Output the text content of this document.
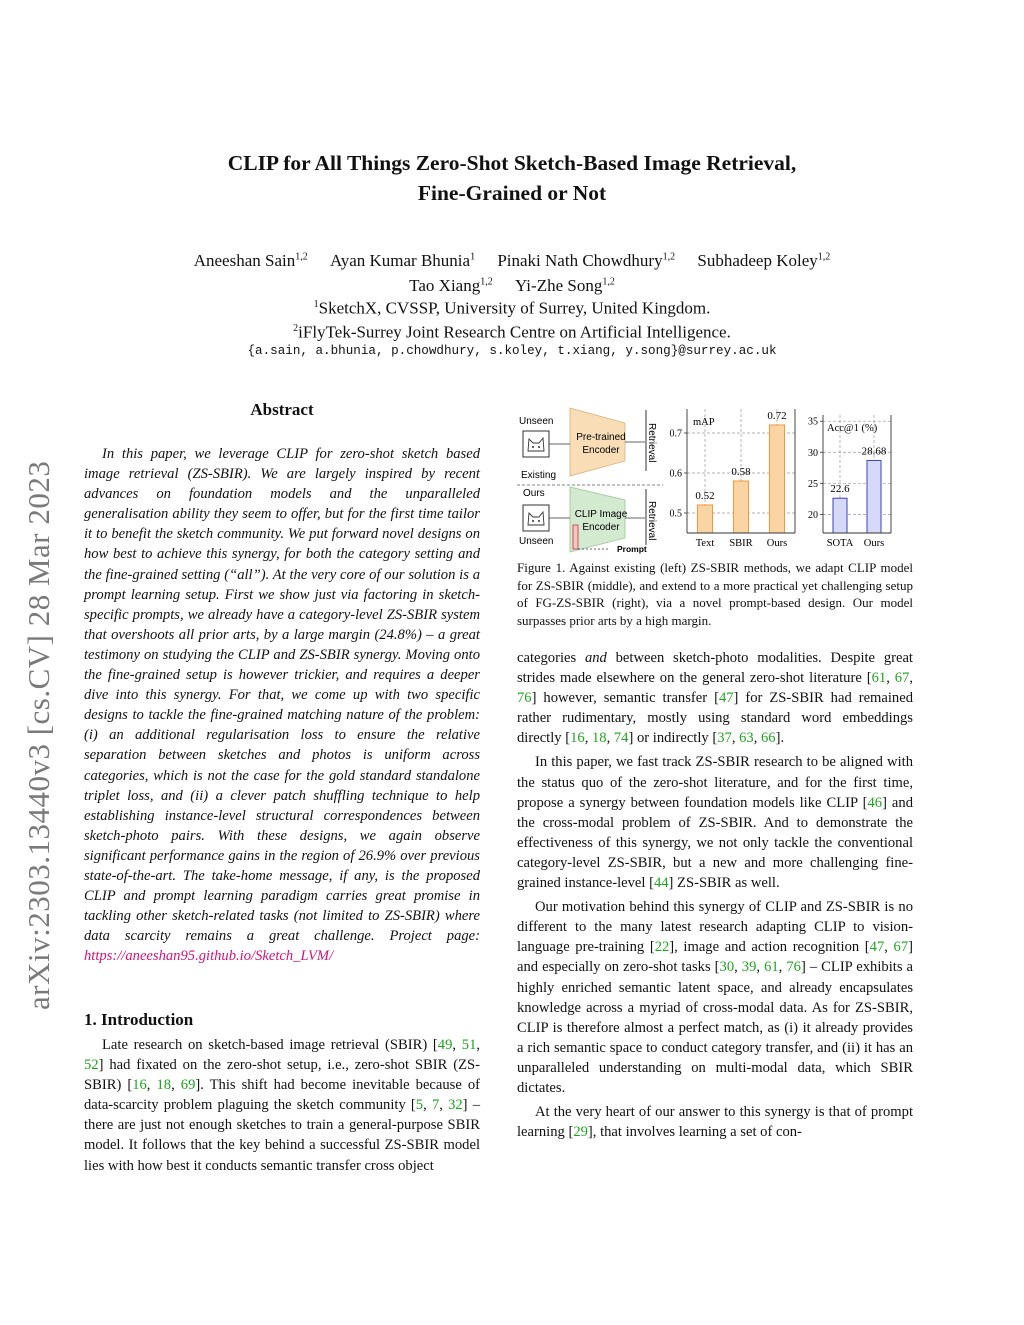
arXiv:2303.13440v3 [cs.CV] 28 Mar 2023
CLIP for All Things Zero-Shot Sketch-Based Image Retrieval,
Fine-Grained or Not
Aneeshan Sain$^{1,2}$ Ayan Kumar Bhunia$^1$ Pinaki Nath Chowdhury$^{1,2}$ Subhadeep Koley$^{1,2}$
Tao Xiang$^{1,2}$ Yi-Zhe Song$^{1,2}$
$^1$SketchX, CVSSP, University of Surrey, United Kingdom.
$^2$iFlyTek-Surrey Joint Research Centre on Artificial Intelligence.
{a.sain, a.bhunia, p.chowdhury, s.koley, t.xiang, y.song}@surrey.ac.uk
Abstract

In this paper, we leverage CLIP for zero-shot sketch based image retrieval (ZS-SBIR). We are largely inspired by recent advances on foundation models and the unparalleled generalisation ability they seem to offer, but for the first time tailor it to benefit the sketch community. We put forward novel designs on how best to achieve this synergy, for both the category setting and the fine-grained setting (“all”). At the very core of our solution is a prompt learning setup. First we show just via factoring in sketch-specific prompts, we already have a category-level ZS-SBIR system that overshoots all prior arts, by a large margin (24.8%) – a great testimony on studying the CLIP and ZS-SBIR synergy. Moving onto the fine-grained setup is however trickier, and requires a deeper dive into this synergy. For that, we come up with two specific designs to tackle the fine-grained matching nature of the problem: (i) an additional regularisation loss to ensure the relative separation between sketches and photos is uniform across categories, which is not the case for the gold standard standalone triplet loss, and (ii) a clever patch shuffling technique to help establishing instance-level structural correspondences between sketch-photo pairs. With these designs, we again observe significant performance gains in the region of 26.9% over previous state-of-the-art. The take-home message, if any, is the proposed CLIP and prompt learning paradigm carries great promise in tackling other sketch-related tasks (not limited to ZS-SBIR) where data scarcity remains a great challenge. Project page: https://aneeshan95.github.io/Sketch_LVM/

1. Introduction

Late research on sketch-based image retrieval (SBIR) [49, 51, 52] had fixated on the zero-shot setup, i.e., zero-shot SBIR (ZS-SBIR) [16, 18, 69]. This shift had become inevitable because of data-scarcity problem plaguing the sketch community [5, 7, 32] – there are just not enough sketches to train a general-purpose SBIR model. It follows that the key behind a successful ZS-SBIR model lies with how best it conducts semantic transfer cross object

Unseen
Pre-trained
Encoder	Retrieval
Existing
Ours
CLIP Image
Encoder
Prompt
Retrieval
Unseen
0.5
0.6
0.7
0.52
Text
0.58
SBIR
0.72
Ours
mAP
20
25
30
35
22.6
SOTA
28.68
Ours
Acc@1 (%)
Figure 1. Against existing (left) ZS-SBIR methods, we adapt CLIP model for ZS-SBIR (middle), and extend to a more practical yet challenging setup of FG-ZS-SBIR (right), via a novel prompt-based design. Our model surpasses prior arts by a high margin.

categories and between sketch-photo modalities. Despite great strides made elsewhere on the general zero-shot literature [61, 67, 76] however, semantic transfer [47] for ZS-SBIR had remained rather rudimentary, mostly using standard word embeddings directly [16, 18, 74] or indirectly [37, 63, 66].

In this paper, we fast track ZS-SBIR research to be aligned with the status quo of the zero-shot literature, and for the first time, propose a synergy between foundation models like CLIP [46] and the cross-modal problem of ZS-SBIR. And to demonstrate the effectiveness of this synergy, we not only tackle the conventional category-level ZS-SBIR, but a new and more challenging fine-grained instance-level [44] ZS-SBIR as well.

Our motivation behind this synergy of CLIP and ZS-SBIR is no different to the many latest research adapting CLIP to vision-language pre-training [22], image and action recognition [47, 67] and especially on zero-shot tasks [30, 39, 61, 76] – CLIP exhibits a highly enriched semantic latent space, and already encapsulates knowledge across a myriad of cross-modal data. As for ZS-SBIR, CLIP is therefore almost a perfect match, as (i) it already provides a rich semantic space to conduct category transfer, and (ii) it has an unparalleled understanding on multi-modal data, which SBIR dictates.

At the very heart of our answer to this synergy is that of prompt learning [29], that involves learning a set of con-
